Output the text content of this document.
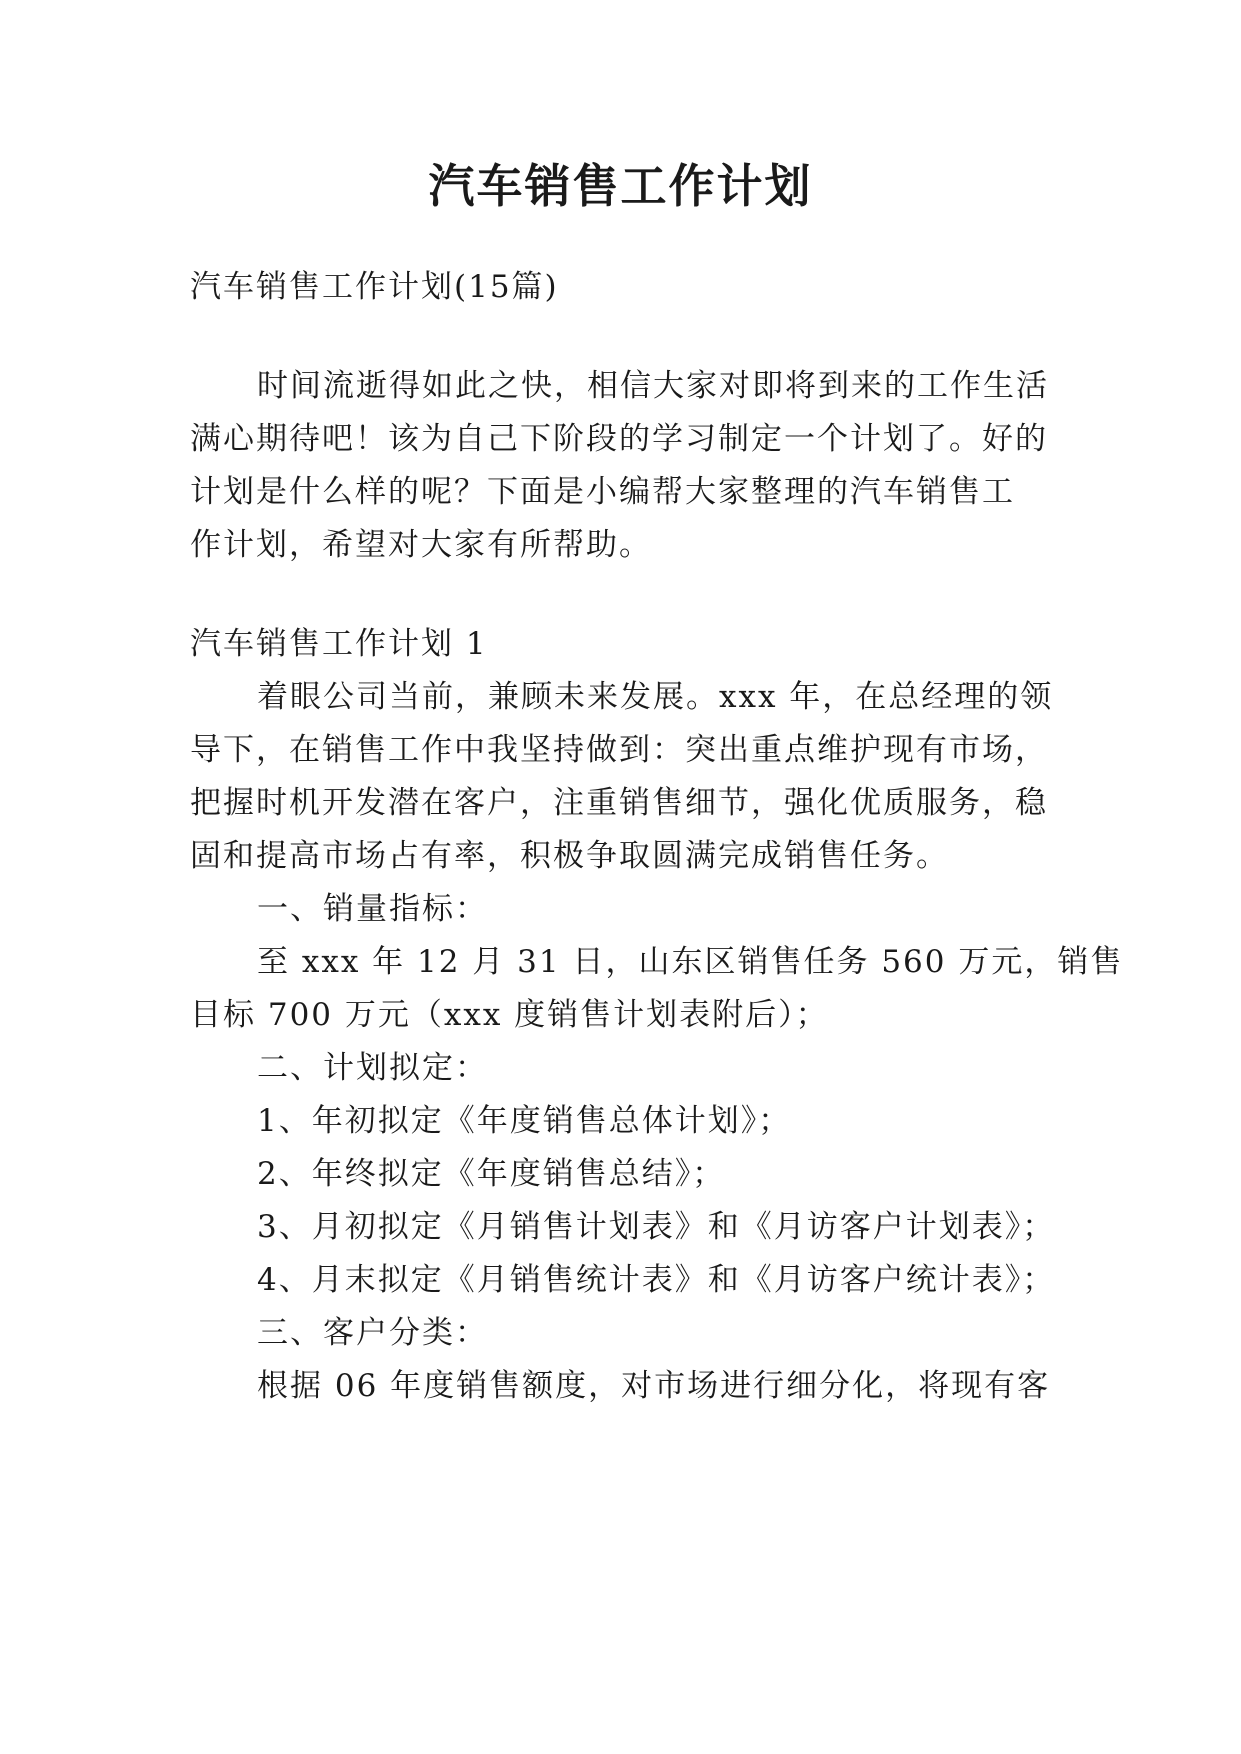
汽车销售工作计划
汽车销售工作计划(15篇)
时间流逝得如此之快，相信大家对即将到来的工作生活
满心期待吧！该为自己下阶段的学习制定一个计划了。好的
计划是什么样的呢？下面是小编帮大家整理的汽车销售工
作计划，希望对大家有所帮助。
汽车销售工作计划 1
着眼公司当前，兼顾未来发展。xxx 年，在总经理的领
导下，在销售工作中我坚持做到：突出重点维护现有市场，
把握时机开发潜在客户，注重销售细节，强化优质服务，稳
固和提高市场占有率，积极争取圆满完成销售任务。
一、销量指标：
至 xxx 年 12 月 31 日，山东区销售任务 560 万元，销售
目标 700 万元（xxx 度销售计划表附后）；
二、计划拟定：
1、年初拟定《年度销售总体计划》；
2、年终拟定《年度销售总结》；
3、月初拟定《月销售计划表》和《月访客户计划表》；
4、月末拟定《月销售统计表》和《月访客户统计表》；
三、客户分类：
根据 06 年度销售额度，对市场进行细分化，将现有客
